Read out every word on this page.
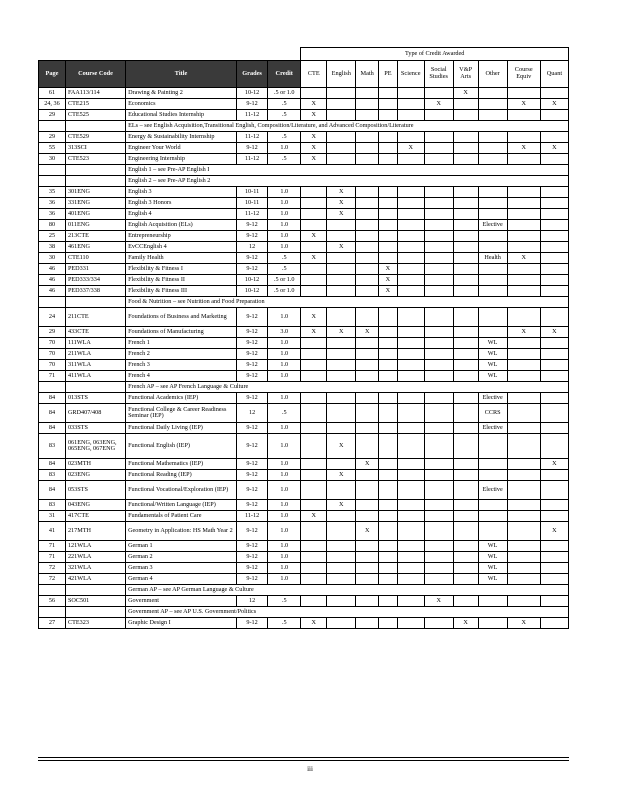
					Type of Credit Awarded									
Page	Course Code	Title	Grades	Credit	CTE	English	Math	PE	Science	Social Studies	V&P Arts	Other	Course Equiv	Quant
61	FAA113/114	Drawing & Painting 2	10-12	.5 or 1.0							X			
24, 36	CTE215	Economics	9-12	.5	X					X			X	X
29	CTE525	Educational Studies Internship	11-12	.5	X									
		ELs – see English Acquisition,Transitional English, Composition/Literature, and Advanced Composition/Literature												
29	CTE529	Energy & Sustainability Internship	11-12	.5	X									
55	313SCI	Engineer Your World	9-12	1.0	X				X				X	X
30	CTE523	Engineering Internship	11-12	.5	X									
		English 1 – see Pre-AP English I												
		English 2 – see Pre-AP English 2												
35	301ENG	English 3	10-11	1.0		X								
36	331ENG	English 3 Honors	10-11	1.0		X								
36	401ENG	English 4	11-12	1.0		X								
80	011ENG	English Acquisition (ELs)	9-12	1.0								Elective		
25	213CTE	Entrepreneurship	9-12	1.0	X									
38	461ENG	EvCCEnglish 4	12	1.0		X								
30	CTE110	Family Health	9-12	.5	X							Health	X	
46	PED331	Flexibility & Fitness I	9-12	.5				X						
46	PED333/334	Flexibility & Fitness II	10-12	.5 or 1.0				X						
46	PED337/338	Flexibility & Fitness III	10-12	.5 or 1.0				X						
		Food & Nutrition – see Nutrition and Food Preparation												
24	211CTE	Foundations of Business and Marketing	9-12	1.0	X									
29	433CTE	Foundations of Manufacturing	9-12	3.0	X	X	X						X	X
70	111WLA	French 1	9-12	1.0								WL		
70	211WLA	French 2	9-12	1.0								WL		
70	311WLA	French 3	9-12	1.0								WL		
71	411WLA	French 4	9-12	1.0								WL		
		French AP – see AP French Language & Culture												
84	013STS	Functional Academics (IEP)	9-12	1.0								Elective		
84	GRD407/408	Functional College & Career Readiness Seminar (IEP)	12	.5								CCRS		
84	033STS	Functional Daily Living (IEP)	9-12	1.0								Elective		
83	061ENG, 063ENG, 065ENG, 067ENG	Functional English (IEP)	9-12	1.0		X								
84	023MTH	Functional Mathematics (IEP)	9-12	1.0			X							X
83	023ENG	Functional Reading (IEP)	9-12	1.0		X								
84	053STS	Functional Vocational/Exploration (IEP)	9-12	1.0								Elective		
83	043ENG	Functional/Written Language (IEP)	9-12	1.0		X								
31	417CTE	Fundamentals of Patient Care	11-12	1.0	X									
41	217MTH	Geometry in Application: HS Math Year 2	9-12	1.0			X							X
71	121WLA	German 1	9-12	1.0								WL		
71	221WLA	German 2	9-12	1.0								WL		
72	321WLA	German 3	9-12	1.0								WL		
72	421WLA	German 4	9-12	1.0								WL		
		German AP – see AP German Language & Culture												
56	SOC501	Government	12	.5						X				
		Government AP – see AP U.S. Government/Politics												
27	CTE323	Graphic Design I	9-12	.5	X						X		X	
iii
